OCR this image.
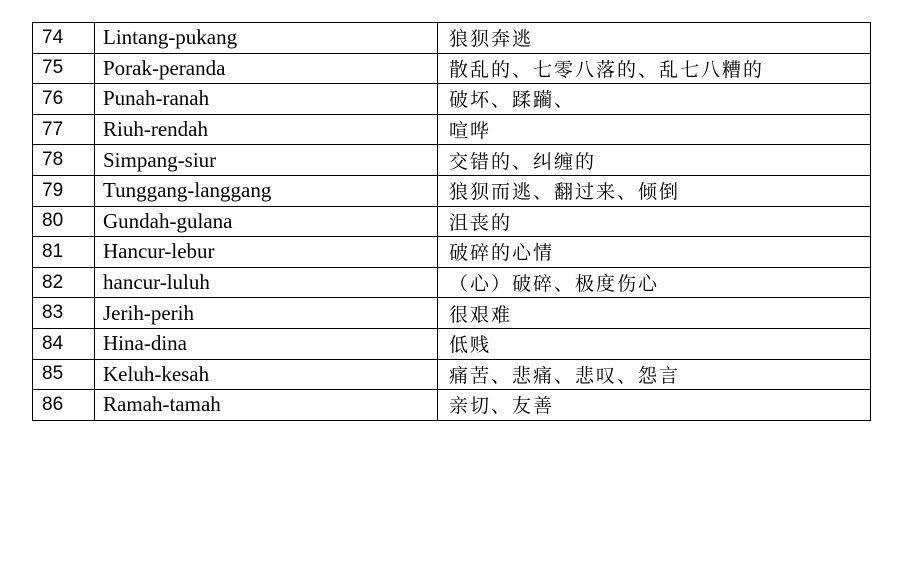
74	Lintang-pukang	狼狈奔逃
75	Porak-peranda	散乱的、七零八落的、乱七八糟的
76	Punah-ranah	破坏、蹂躏、
77	Riuh-rendah	喧哗
78	Simpang-siur	交错的、纠缠的
79	Tunggang-langgang	狼狈而逃、翻过来、倾倒
80	Gundah-gulana	沮丧的
81	Hancur-lebur	破碎的心情
82	hancur-luluh	（心）破碎、极度伤心
83	Jerih-perih	很艰难
84	Hina-dina	低贱
85	Keluh-kesah	痛苦、悲痛、悲叹、怨言
86	Ramah-tamah	亲切、友善
